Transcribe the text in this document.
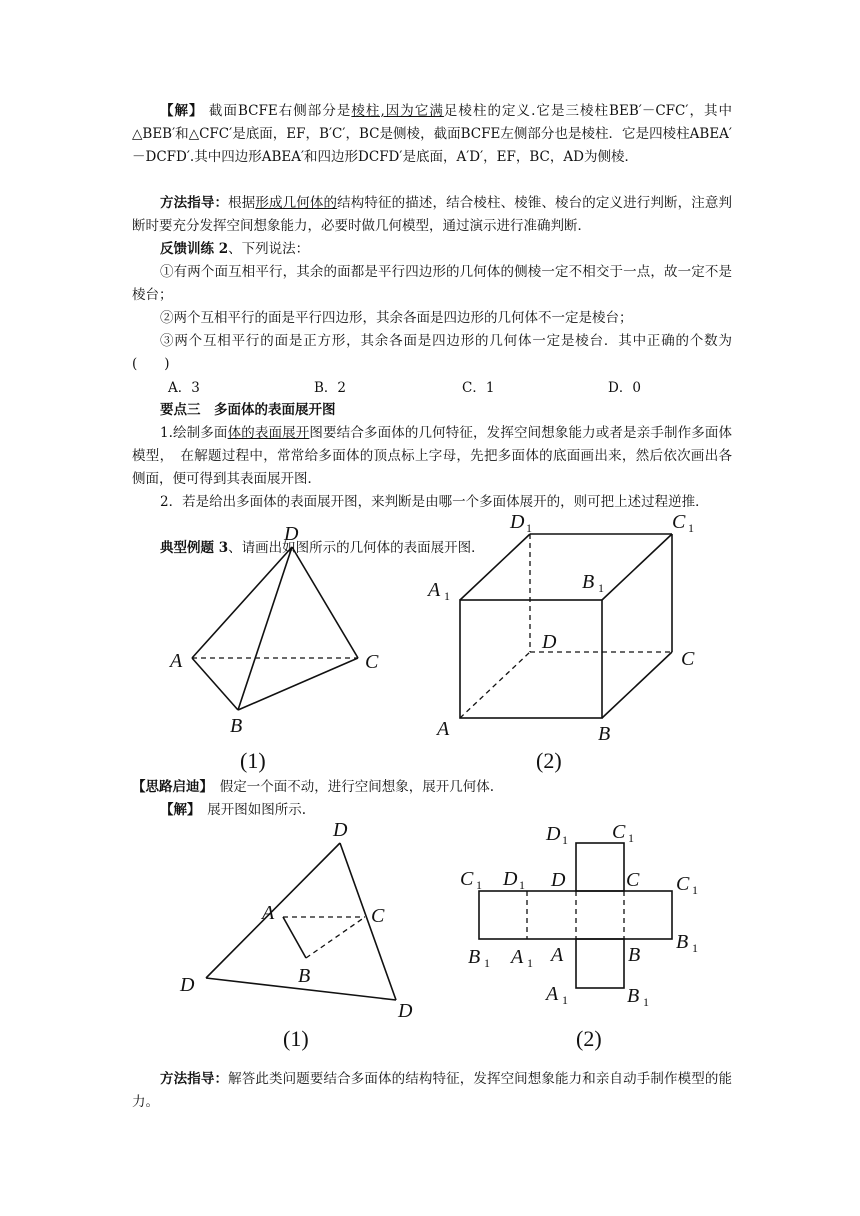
【解】 截面BCFE右侧部分是棱柱,因为它满足棱柱的定义.它是三棱柱BEB′－CFC′，其中△BEB′和△CFC′是底面，EF，B′C′，BC是侧棱，截面BCFE左侧部分也是棱柱．它是四棱柱ABEA′－DCFD′.其中四边形ABEA′和四边形DCFD′是底面，A′D′，EF，BC，AD为侧棱．
方法指导：根据形成几何体的结构特征的描述，结合棱柱、棱锥、棱台的定义进行判断，注意判断时要充分发挥空间想象能力，必要时做几何模型，通过演示进行准确判断．
反馈训练 2、下列说法：
①有两个面互相平行，其余的面都是平行四边形的几何体的侧棱一定不相交于一点，故一定不是棱台；
②两个互相平行的面是平行四边形，其余各面是四边形的几何体不一定是棱台；
③两个互相平行的面是正方形，其余各面是四边形的几何体一定是棱台．其中正确的个数为(　　)
A．3	B．2	C．1	D．0
要点三　多面体的表面展开图
1.绘制多面体的表面展开图要结合多面体的几何特征，发挥空间想象能力或者是亲手制作多面体模型，　在解题过程中，常常给多面体的顶点标上字母，先把多面体的底面画出来，然后依次画出各侧面，便可得到其表面展开图．
2．若是给出多面体的表面展开图，来判断是由哪一个多面体展开的，则可把上述过程逆推．
典型例题 3、请画出如图所示的几何体的表面展开图．
D
A	C
B
(1)
D 1	C 1
A 1
B 1
D
C
A	B
(2)
【思路启迪】　假定一个面不动，进行空间想象，展开几何体.
【解】　展开图如图所示.
D
A	C
B
D
D
(1)
D 1 C 1
C 1 D 1 D	C C 1
B 1 A 1 A	B
B 1
A 1	B 1
(2)
方法指导：解答此类问题要结合多面体的结构特征，发挥空间想象能力和亲自动手制作模型的能力。
